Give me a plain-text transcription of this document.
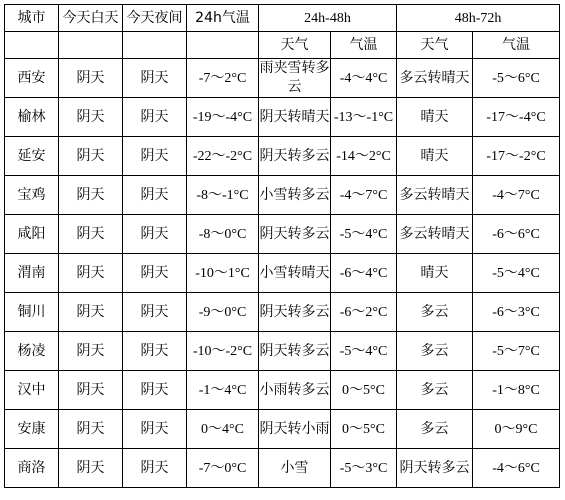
城市	今天白天	今天夜间	24h气温	24h-48h		48h-72h	
				天气	气温	天气	气温
西安	阴天	阴天	-7～2°C	雨夹雪转多云	-4～4°C	多云转晴天	-5～6°C
榆林	阴天	阴天	-19～-4°C	阴天转晴天	-13～-1°C	晴天	-17～-4°C
延安	阴天	阴天	-22～-2°C	阴天转多云	-14～2°C	晴天	-17～-2°C
宝鸡	阴天	阴天	-8～-1°C	小雪转多云	-4～7°C	多云转晴天	-4～7°C
咸阳	阴天	阴天	-8～0°C	阴天转多云	-5～4°C	多云转晴天	-6～6°C
渭南	阴天	阴天	-10～1°C	小雪转晴天	-6～4°C	晴天	-5～4°C
铜川	阴天	阴天	-9～0°C	阴天转多云	-6～2°C	多云	-6～3°C
杨凌	阴天	阴天	-10～-2°C	阴天转多云	-5～4°C	多云	-5～7°C
汉中	阴天	阴天	-1～4°C	小雨转多云	0～5°C	多云	-1～8°C
安康	阴天	阴天	0～4°C	阴天转小雨	0～5°C	多云	0～9°C
商洛	阴天	阴天	-7～0°C	小雪	-5～3°C	阴天转多云	-4～6°C
